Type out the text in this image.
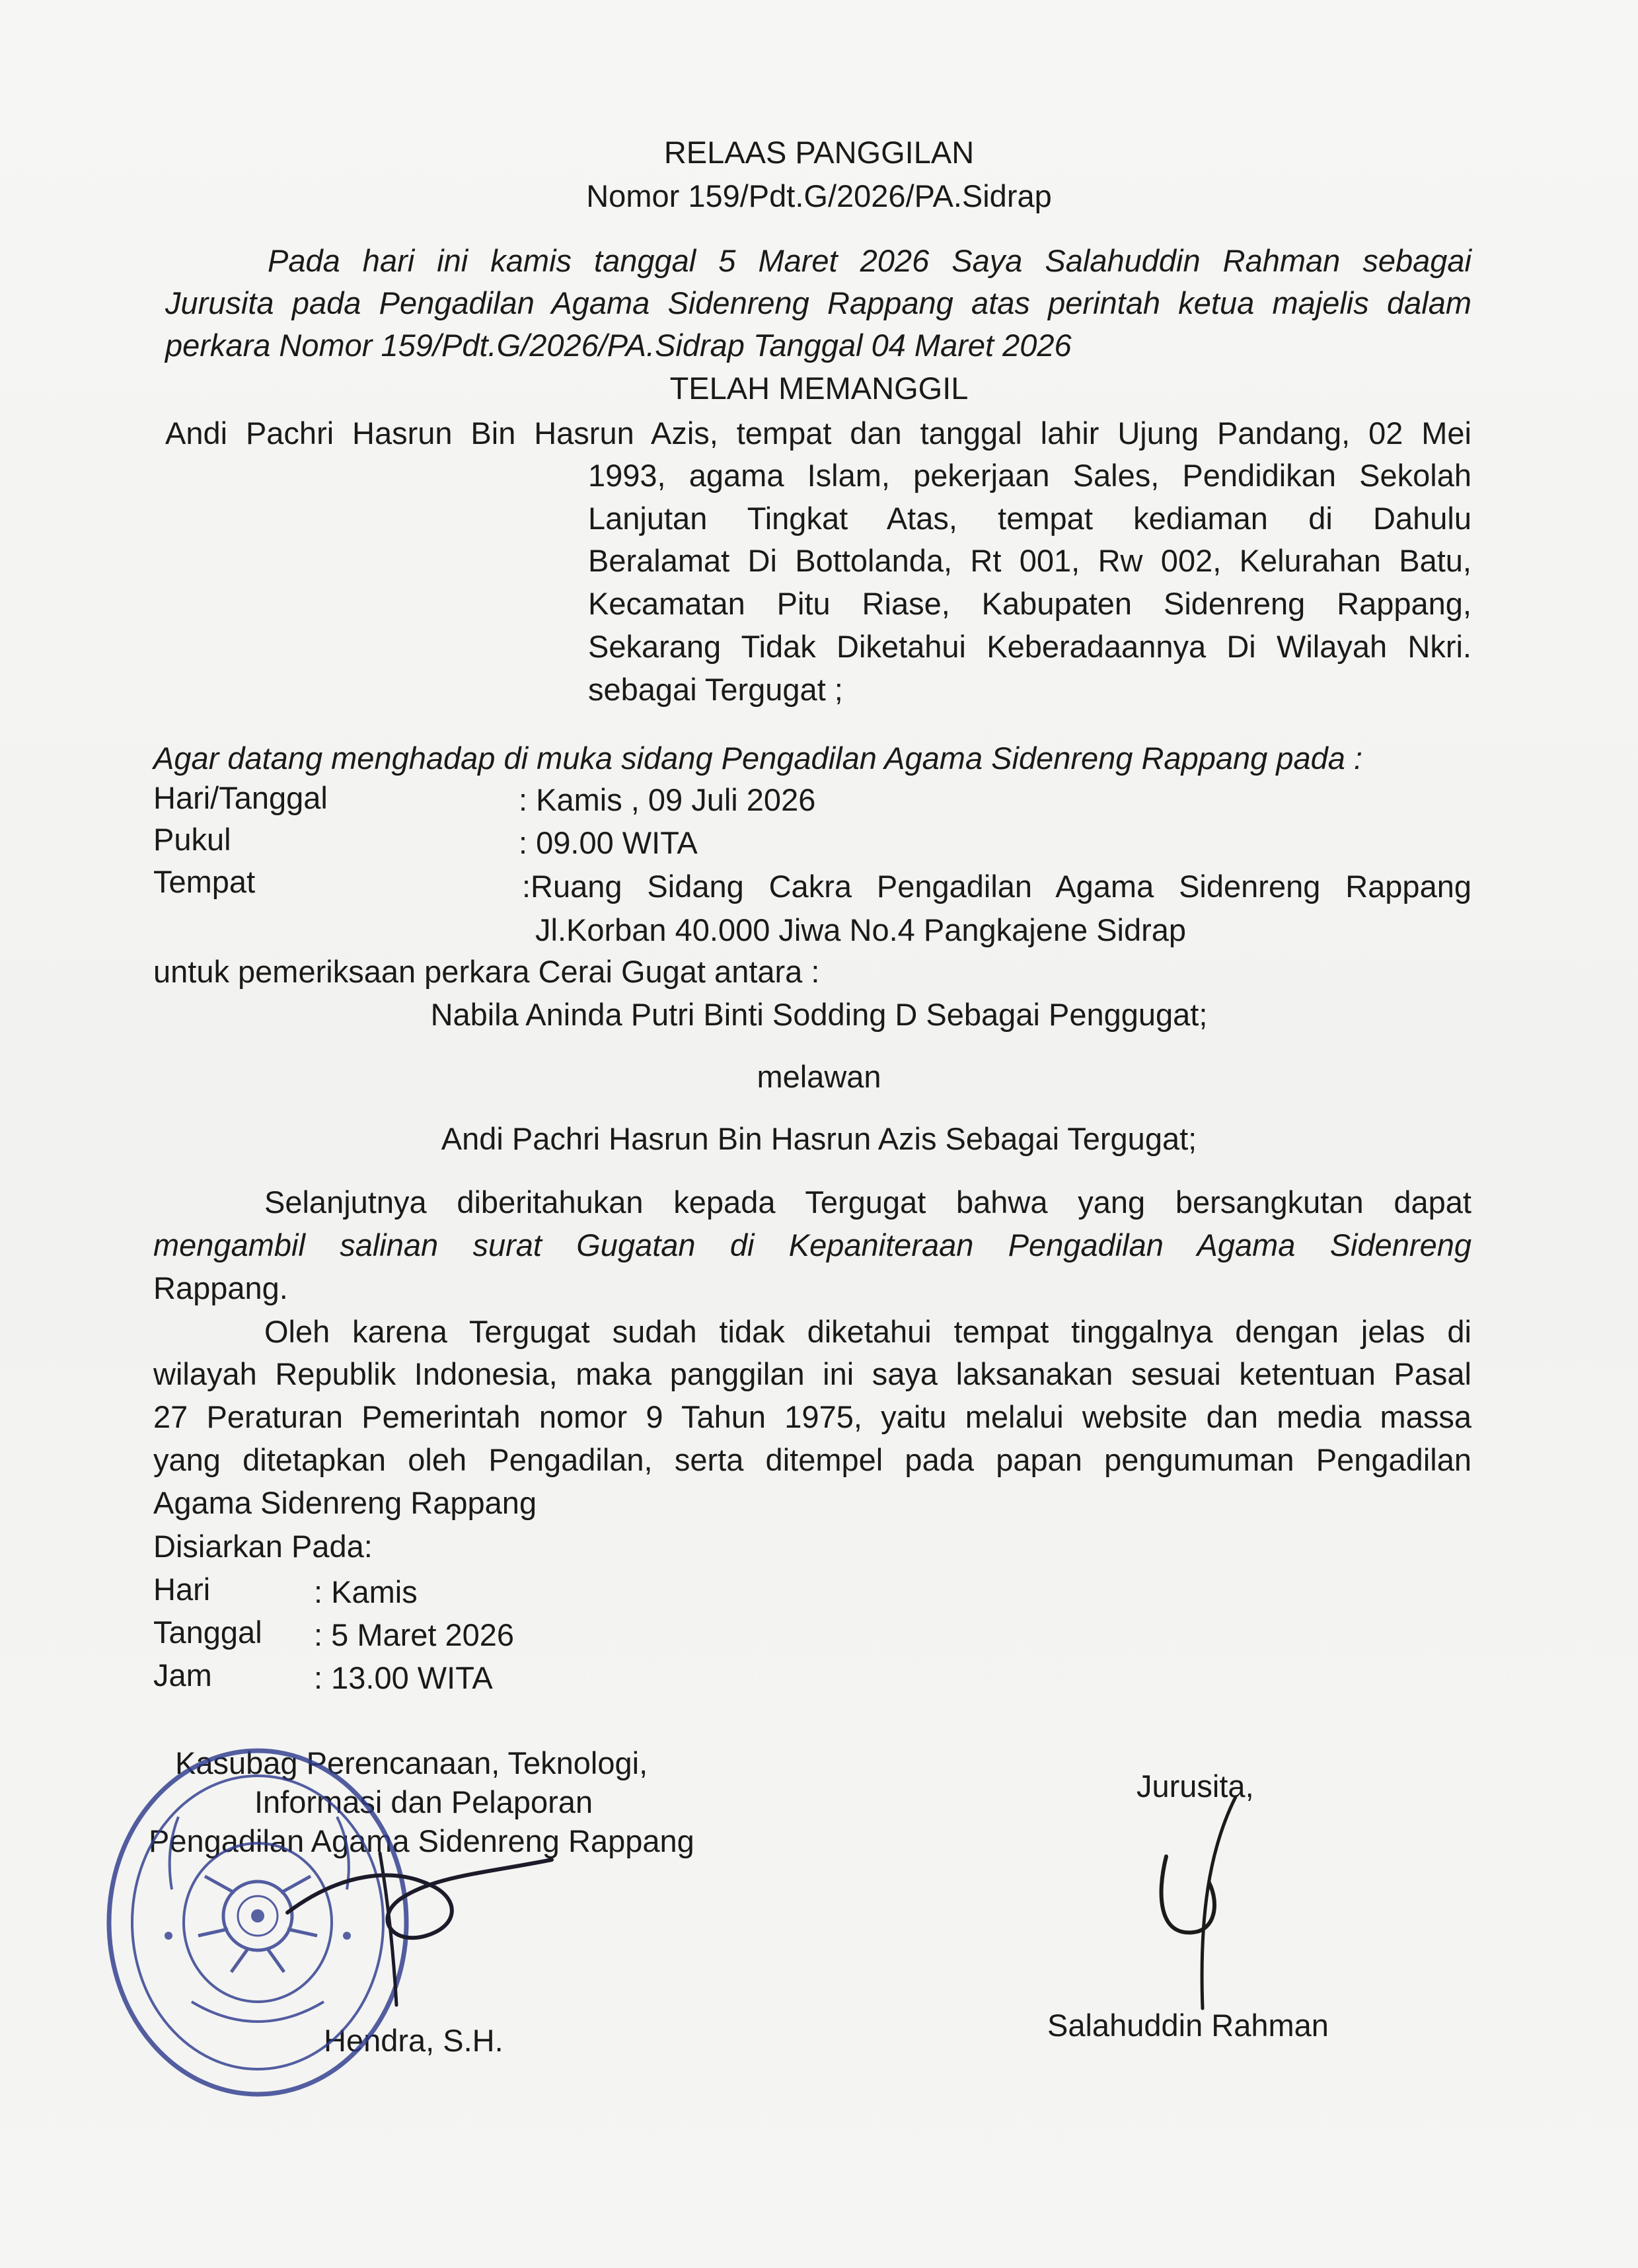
RELAAS PANGGILAN
Nomor 159/Pdt.G/2026/PA.Sidrap
Pada hari ini kamis tanggal 5 Maret 2026 Saya Salahuddin Rahman sebagai
Jurusita pada Pengadilan Agama Sidenreng Rappang atas perintah ketua majelis dalam
perkara Nomor 159/Pdt.G/2026/PA.Sidrap Tanggal 04 Maret 2026
TELAH MEMANGGIL
Andi Pachri Hasrun Bin Hasrun Azis, tempat dan tanggal lahir Ujung Pandang, 02 Mei
1993, agama Islam, pekerjaan Sales, Pendidikan Sekolah
Lanjutan Tingkat Atas, tempat kediaman di Dahulu
Beralamat Di Bottolanda, Rt 001, Rw 002, Kelurahan Batu,
Kecamatan Pitu Riase, Kabupaten Sidenreng Rappang,
Sekarang Tidak Diketahui Keberadaannya Di Wilayah Nkri.
sebagai Tergugat ;
Agar datang menghadap di muka sidang Pengadilan Agama Sidenreng Rappang pada :
Hari/Tanggal	: Kamis , 09 Juli 2026
Pukul	: 09.00 WITA
Tempat	:Ruang Sidang Cakra Pengadilan Agama Sidenreng Rappang
Jl.Korban 40.000 Jiwa No.4 Pangkajene Sidrap
untuk pemeriksaan perkara Cerai Gugat antara :
Nabila Aninda Putri Binti Sodding D Sebagai Penggugat;
melawan
Andi Pachri Hasrun Bin Hasrun Azis Sebagai Tergugat;
Selanjutnya diberitahukan kepada Tergugat bahwa yang bersangkutan dapat
mengambil salinan surat Gugatan di Kepaniteraan Pengadilan Agama Sidenreng
Rappang.
Oleh karena Tergugat sudah tidak diketahui tempat tinggalnya dengan jelas di
wilayah Republik Indonesia, maka panggilan ini saya laksanakan sesuai ketentuan Pasal
27 Peraturan Pemerintah nomor 9 Tahun 1975, yaitu melalui website dan media massa
yang ditetapkan oleh Pengadilan, serta ditempel pada papan pengumuman Pengadilan
Agama Sidenreng Rappang
Disiarkan Pada:
Hari	: Kamis
Tanggal : 5 Maret 2026
Jam	: 13.00 WITA
Kasubag Perencanaan, Teknologi,
Informasi dan Pelaporan
Pengadilan Agama Sidenreng Rappang
Hendra, S.H.
Jurusita,
Salahuddin Rahman
